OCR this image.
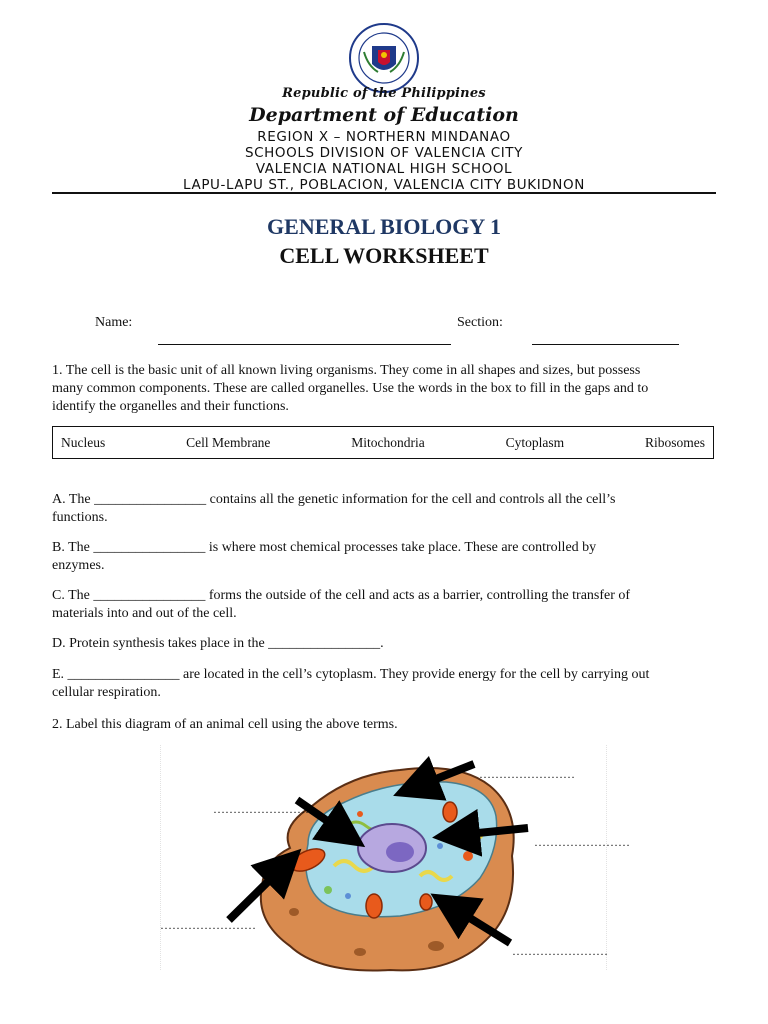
Republic of the Philippines
Department of Education
REGION X – NORTHERN MINDANAO
SCHOOLS DIVISION OF VALENCIA CITY
VALENCIA NATIONAL HIGH SCHOOL
LAPU-LAPU ST., POBLACION, VALENCIA CITY BUKIDNON
GENERAL BIOLOGY 1
CELL WORKSHEET
Name:	Section:
1. The cell is the basic unit of all known living organisms. They come in all shapes and sizes, but possess
many common components. These are called organelles. Use the words in the box to fill in the gaps and to
identify the organelles and their functions.
Nucleus	Cell Membrane	Mitochondria	Cytoplasm	Ribosomes
A. The ________________ contains all the genetic information for the cell and controls all the cell’s
functions.
B. The ________________ is where most chemical processes take place. These are controlled by
enzymes.
C. The ________________ forms the outside of the cell and acts as a barrier, controlling the transfer of
materials into and out of the cell.
D. Protein synthesis takes place in the ________________.
E. ________________ are located in the cell’s cytoplasm. They provide energy for the cell by carrying out
cellular respiration.
2. Label this diagram of an animal cell using the above terms.
……………………
……………………
……………………
……………………
……………………
